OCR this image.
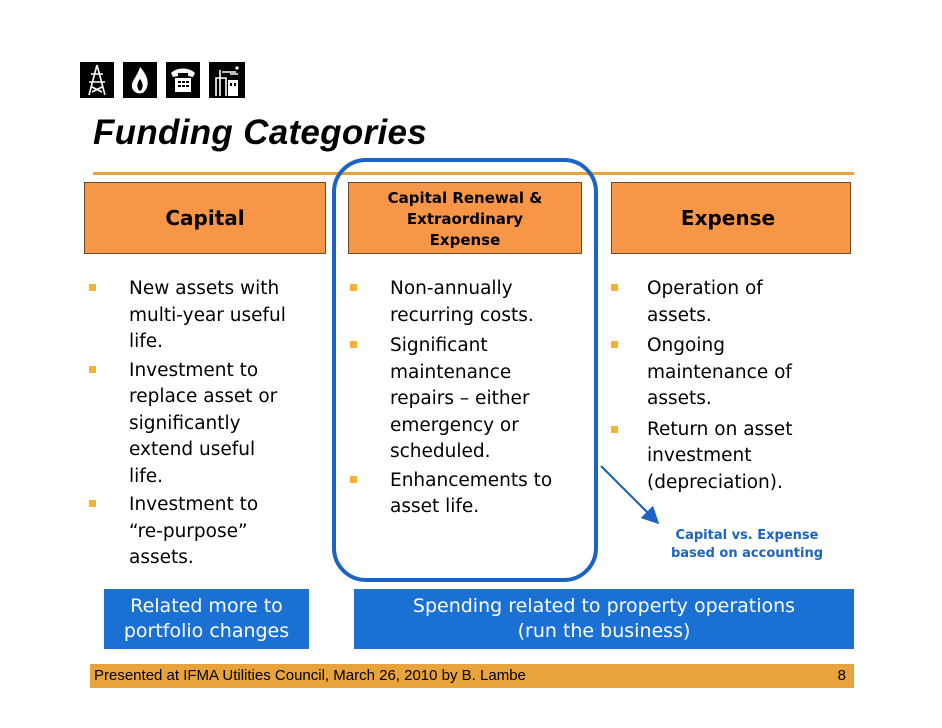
Funding Categories
Capital
Capital Renewal &
Extraordinary
Expense
Expense
New assets with
multi-year useful
life.
Investment to
replace asset or
significantly
extend useful
life.
Investment to
“re-purpose”
assets.
Non-annually
recurring costs.
Significant
maintenance
repairs – either
emergency or
scheduled.
Enhancements to
asset life.
Operation of
assets.
Ongoing
maintenance of
assets.
Return on asset
investment
(depreciation).
Capital vs. Expense
based on accounting
Related more to
portfolio changes
Spending related to property operations
(run the business)
Presented at IFMA Utilities Council, March 26, 2010 by B. Lambe	8
